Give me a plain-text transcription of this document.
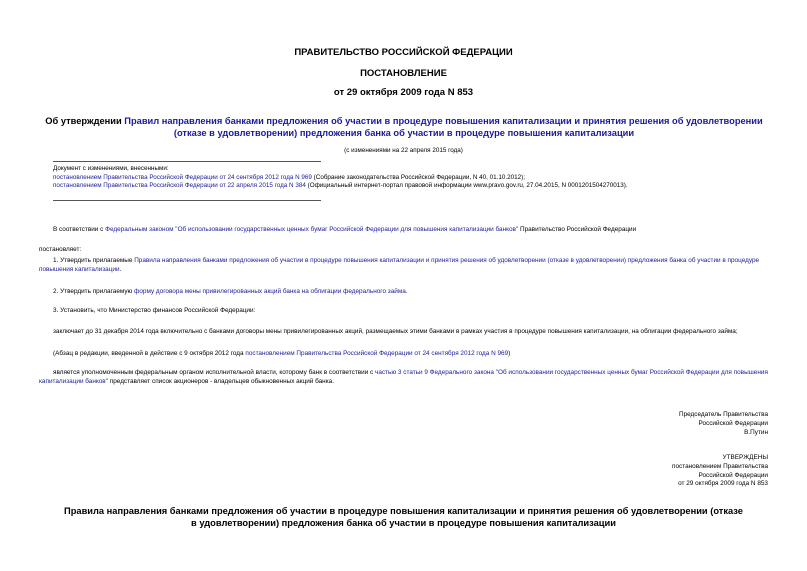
ПРАВИТЕЛЬСТВО РОССИЙСКОЙ ФЕДЕРАЦИИ
ПОСТАНОВЛЕНИЕ
от 29 октября 2009 года N 853
Об утверждении Правил направления банками предложения об участии в процедуре повышения капитализации и принятия решения об удовлетворении (отказе в удовлетворении) предложения банка об участии в процедуре повышения капитализации
(с изменениями на 22 апреля 2015 года)
Документ с изменениями, внесенными:
постановлением Правительства Российской Федерации от 24 сентября 2012 года N 969 (Собрание законодательства Российской Федерации, N 40, 01.10.2012);
постановлением Правительства Российской Федерации от 22 апреля 2015 года N 384 (Официальный интернет-портал правовой информации www.pravo.gov.ru, 27.04.2015, N 0001201504270013).
В соответствии с Федеральным законом "Об использовании государственных ценных бумаг Российской Федерации для повышения капитализации банков" Правительство Российской Федерации
постановляет:
1. Утвердить прилагаемые Правила направления банками предложения об участии в процедуре повышения капитализации и принятия решения об удовлетворении (отказе в удовлетворении) предложения банка об участии в процедуре повышения капитализации.
2. Утвердить прилагаемую форму договора мены привилегированных акций банка на облигации федерального займа.
3. Установить, что Министерство финансов Российской Федерации:
заключает до 31 декабря 2014 года включительно с банками договоры мены привилегированных акций, размещаемых этими банками в рамках участия в процедуре повышения капитализации, на облигации федерального займа;
(Абзац в редакции, введенной в действие с 9 октября 2012 года постановлением Правительства Российской Федерации от 24 сентября 2012 года N 969)
является уполномоченным федеральным органом исполнительной власти, которому банк в соответствии с частью 3 статьи 9 Федерального закона "Об использовании государственных ценных бумаг Российской Федерации для повышения капитализации банков" представляет список акционеров - владельцев обыкновенных акций банка.
Председатель Правительства
Российской Федерации
В.Путин
УТВЕРЖДЕНЫ
постановлением Правительства
Российской Федерации
от 29 октября 2009 года N 853
Правила направления банками предложения об участии в процедуре повышения капитализации и принятия решения об удовлетворении (отказе в удовлетворении) предложения банка об участии в процедуре повышения капитализации
